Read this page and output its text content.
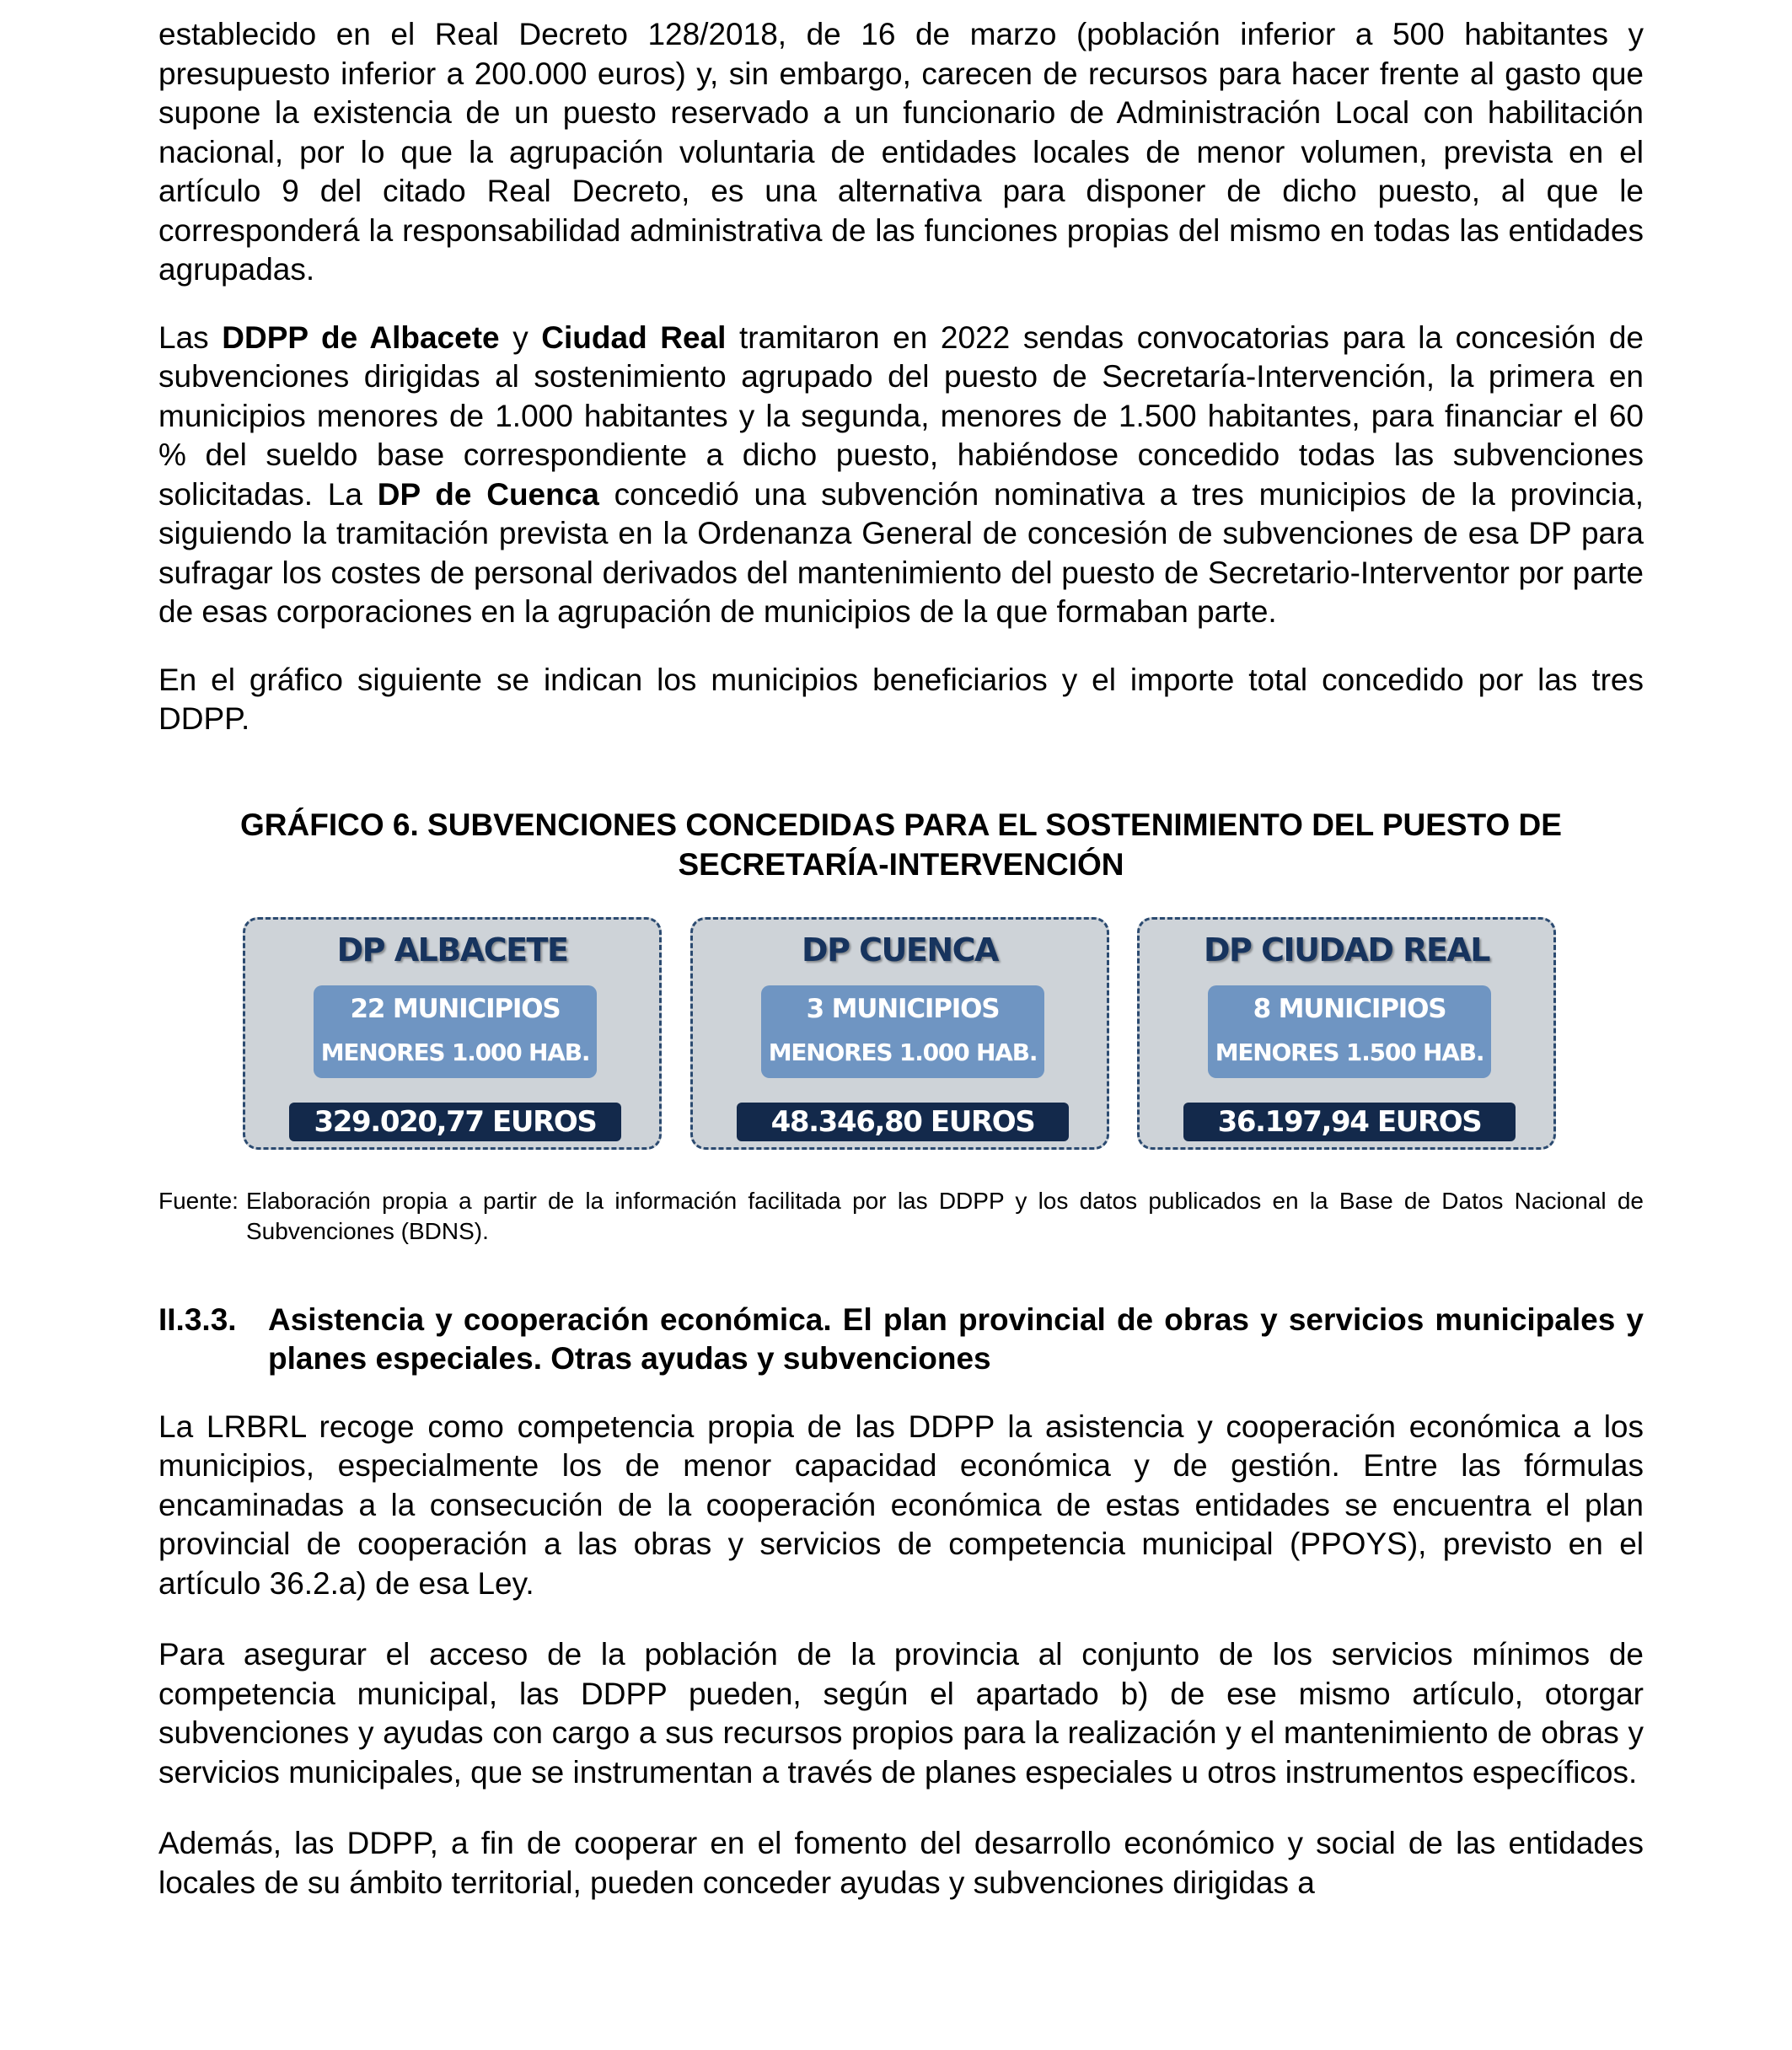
establecido en el Real Decreto 128/2018, de 16 de marzo (población inferior a 500 habitantes y presupuesto inferior a 200.000 euros) y, sin embargo, carecen de recursos para hacer frente al gasto que supone la existencia de un puesto reservado a un funcionario de Administración Local con habilitación nacional, por lo que la agrupación voluntaria de entidades locales de menor volumen, prevista en el artículo 9 del citado Real Decreto, es una alternativa para disponer de dicho puesto, al que le corresponderá la responsabilidad administrativa de las funciones propias del mismo en todas las entidades agrupadas.

Las DDPP de Albacete y Ciudad Real tramitaron en 2022 sendas convocatorias para la concesión de subvenciones dirigidas al sostenimiento agrupado del puesto de Secretaría-Intervención, la primera en municipios menores de 1.000 habitantes y la segunda, menores de 1.500 habitantes, para financiar el 60 % del sueldo base correspondiente a dicho puesto, habiéndose concedido todas las subvenciones solicitadas. La DP de Cuenca concedió una subvención nominativa a tres municipios de la provincia, siguiendo la tramitación prevista en la Ordenanza General de concesión de subvenciones de esa DP para sufragar los costes de personal derivados del mantenimiento del puesto de Secretario-Interventor por parte de esas corporaciones en la agrupación de municipios de la que formaban parte.

En el gráfico siguiente se indican los municipios beneficiarios y el importe total concedido por las tres DDPP.

GRÁFICO 6. SUBVENCIONES CONCEDIDAS PARA EL SOSTENIMIENTO DEL PUESTO DE
SECRETARÍA-INTERVENCIÓN
DP ALBACETE
22 MUNICIPIOS
MENORES 1.000 HAB.
329.020,77 EUROS
DP CUENCA
3 MUNICIPIOS
MENORES 1.000 HAB.
48.346,80 EUROS
DP CIUDAD REAL
8 MUNICIPIOS
MENORES 1.500 HAB.
36.197,94 EUROS
Fuente: Elaboración propia a partir de la información facilitada por las DDPP y los datos publicados en la Base de Datos Nacional de Subvenciones (BDNS).
II.3.3.	Asistencia y cooperación económica. El plan provincial de obras y servicios municipales y planes especiales. Otras ayudas y subvenciones

La LRBRL recoge como competencia propia de las DDPP la asistencia y cooperación económica a los municipios, especialmente los de menor capacidad económica y de gestión. Entre las fórmulas encaminadas a la consecución de la cooperación económica de estas entidades se encuentra el plan provincial de cooperación a las obras y servicios de competencia municipal (PPOYS), previsto en el artículo 36.2.a) de esa Ley.

Para asegurar el acceso de la población de la provincia al conjunto de los servicios mínimos de competencia municipal, las DDPP pueden, según el apartado b) de ese mismo artículo, otorgar subvenciones y ayudas con cargo a sus recursos propios para la realización y el mantenimiento de obras y servicios municipales, que se instrumentan a través de planes especiales u otros instrumentos específicos.

Además, las DDPP, a fin de cooperar en el fomento del desarrollo económico y social de las entidades locales de su ámbito territorial, pueden conceder ayudas y subvenciones dirigidas a
